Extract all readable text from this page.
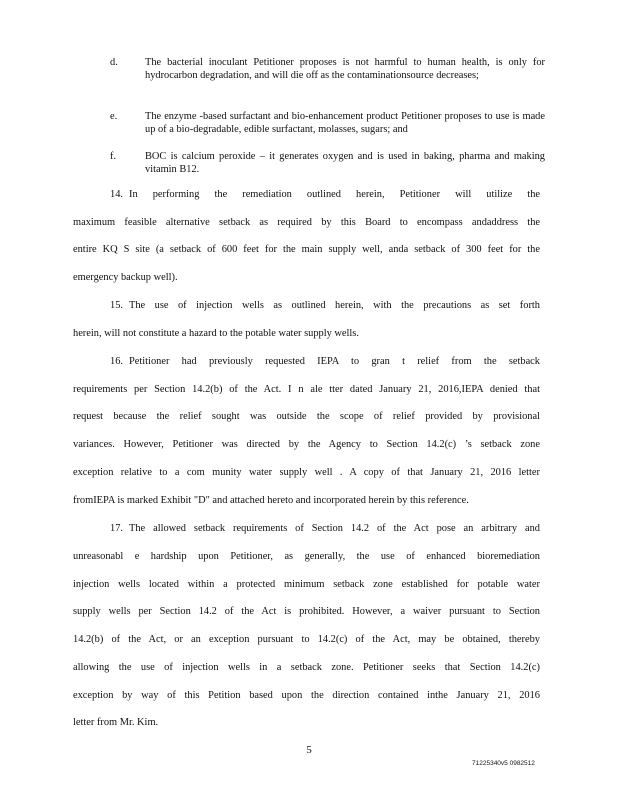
d.	The bacterial inoculant Petitioner proposes is not harmful to human health, is only for hydrocarbon degradation, and will die off as the contaminationsource decreases;
e.	The enzyme -based surfactant and bio-enhancement product Petitioner proposes to use is made up of a bio-degradable, edible surfactant, molasses, sugars; and
f.	BOC is calcium peroxide – it generates oxygen and is used in baking, pharma and making vitamin B12.
14. In performing the remediation outlined herein, Petitioner will utilize the
maximum feasible alternative setback as required by this Board to encompass andaddress the
entire KQ S site (a setback of 600 feet for the main supply well, anda setback of 300 feet for the
emergency backup well).
15. The use of injection wells as outlined herein, with the precautions as set forth
herein, will not constitute a hazard to the potable water supply wells.
16. Petitioner had previously requested IEPA to gran t relief from the setback
requirements per Section 14.2(b) of the Act. I n ale tter dated January 21, 2016,IEPA denied that
request because the relief sought was outside the scope of relief provided by provisional
variances. However, Petitioner was directed by the Agency to Section 14.2(c) ’s setback zone
exception relative to a com munity water supply well . A copy of that January 21, 2016 letter
fromIEPA is marked Exhibit "D" and attached hereto and incorporated herein by this reference.
17. The allowed setback requirements of Section 14.2 of the Act pose an arbitrary and
unreasonabl e hardship upon Petitioner, as generally, the use of enhanced bioremediation
injection wells located within a protected minimum setback zone established for potable water
supply wells per Section 14.2 of the Act is prohibited. However, a waiver pursuant to Section
14.2(b) of the Act, or an exception pursuant to 14.2(c) of the Act, may be obtained, thereby
allowing the use of injection wells in a setback zone. Petitioner seeks that Section 14.2(c)
exception by way of this Petition based upon the direction contained inthe January 21, 2016
letter from Mr. Kim.
5
71225340v5 0982512
